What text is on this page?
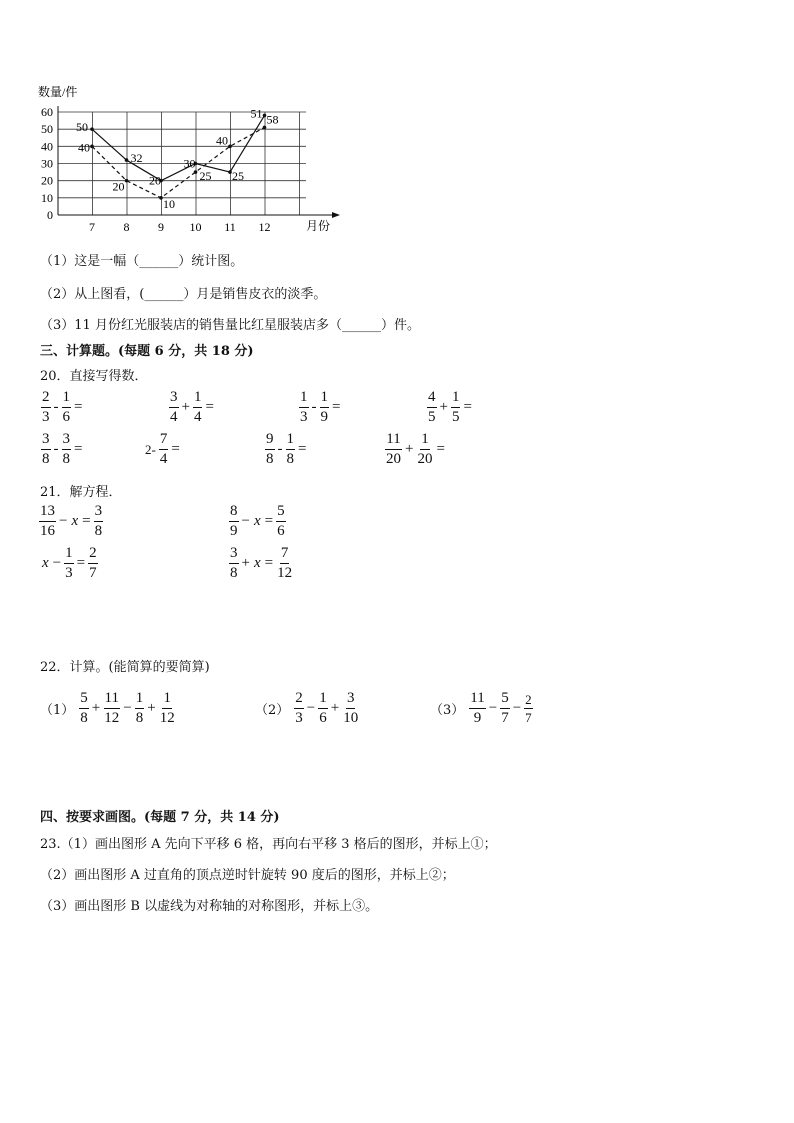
数量/件
0
10
20
30
40
50
60
7 8 9 10 11 12
50
32
20
30
25
51
40
20
10
25
40
58
月份
（1）这是一幅（______）统计图。
（2）从上图看，(______）月是销售皮衣的淡季。
（3）11 月份红光服装店的销售量比红星服装店多（______）件。
三、计算题。(每题 6 分，共 18 分)
20．直接写得数．
$\frac{2}{3} - \frac{1}{6}$ =	$\frac{3}{4} + \frac{1}{4}$ =	$\frac{1}{3} - \frac{1}{9}$ =	$\frac{4}{5} + \frac{1}{5}$ =
$\frac{3}{8} - \frac{3}{8}$ =	$2- \frac{7}{4}$ =	$\frac{9}{8} - \frac{1}{8}$ =	$\frac{11}{20} + \frac{1}{20}$ =
21．解方程．
$\frac{13}{16} - x = \frac{3}{8}$	$\frac{8}{9} - x = \frac{5}{6}$
$x - \frac{1}{3} = \frac{2}{7}$	$\frac{3}{8} + x = \frac{7}{12}$
22．计算。(能简算的要简算)
$(1) \frac{5}{8} + \frac{11}{12} - \frac{1}{8} + \frac{1}{12}$	$(2) \frac{2}{3} - \frac{1}{6} + \frac{3}{10}$	$(3) \frac{11}{9} - \frac{5}{7} - \frac{2}{7}$
四、按要求画图。(每题 7 分，共 14 分)
23.（1）画出图形 A 先向下平移 6 格，再向右平移 3 格后的图形，并标上①；
（2）画出图形 A 过直角的顶点逆时针旋转 90 度后的图形，并标上②；
（3）画出图形 B 以虚线为对称轴的对称图形，并标上③。
